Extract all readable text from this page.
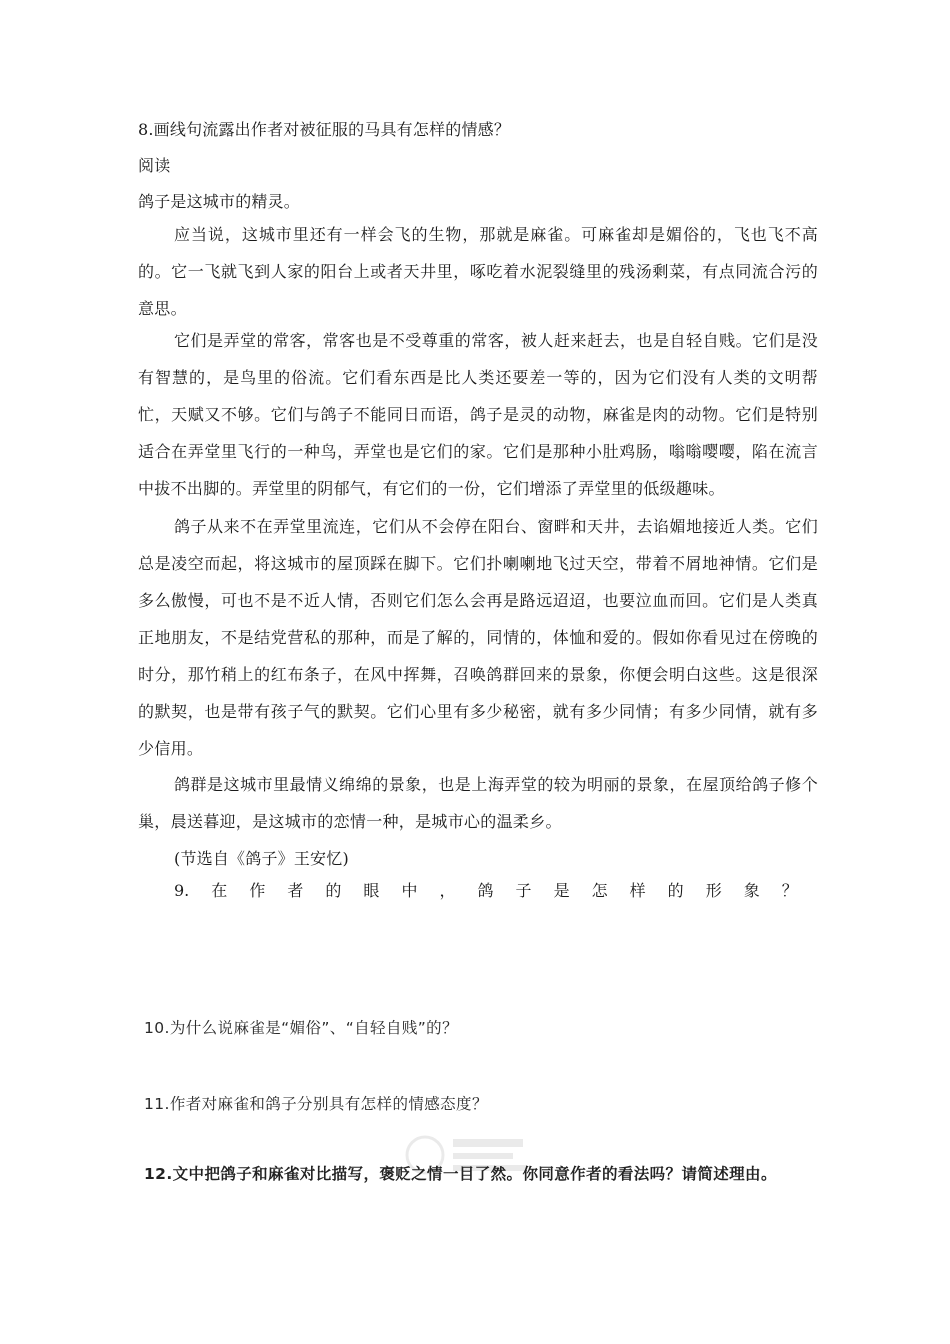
8.画线句流露出作者对被征服的马具有怎样的情感？
阅读
鸽子是这城市的精灵。

应当说，这城市里还有一样会飞的生物，那就是麻雀。可麻雀却是媚俗的，飞也飞不高的。它一飞就飞到人家的阳台上或者天井里，啄吃着水泥裂缝里的残汤剩菜，有点同流合污的意思。

它们是弄堂的常客，常客也是不受尊重的常客，被人赶来赶去，也是自轻自贱。它们是没有智慧的，是鸟里的俗流。它们看东西是比人类还要差一等的，因为它们没有人类的文明帮忙，天赋又不够。它们与鸽子不能同日而语，鸽子是灵的动物，麻雀是肉的动物。它们是特别适合在弄堂里飞行的一种鸟，弄堂也是它们的家。它们是那种小肚鸡肠，嗡嗡嘤嘤，陷在流言中拔不出脚的。弄堂里的阴郁气，有它们的一份，它们增添了弄堂里的低级趣味。

鸽子从来不在弄堂里流连，它们从不会停在阳台、窗畔和天井，去谄媚地接近人类。它们总是凌空而起，将这城市的屋顶踩在脚下。它们扑喇喇地飞过天空，带着不屑地神情。它们是多么傲慢，可也不是不近人情，否则它们怎么会再是路远迢迢，也要泣血而回。它们是人类真正地朋友，不是结党营私的那种，而是了解的，同情的，体恤和爱的。假如你看见过在傍晚的时分，那竹稍上的红布条子，在风中挥舞，召唤鸽群回来的景象，你便会明白这些。这是很深的默契，也是带有孩子气的默契。它们心里有多少秘密，就有多少同情；有多少同情，就有多少信用。

鸽群是这城市里最情义绵绵的景象，也是上海弄堂的较为明丽的景象，在屋顶给鸽子修个巢，晨送暮迎，是这城市的恋情一种，是城市心的温柔乡。

(节选自《鸽子》王安忆)
9. 在 作 者 的 眼 中 ， 鸽 子 是 怎 样 的 形 象 ？
10.为什么说麻雀是“媚俗”、“自轻自贱”的？
11.作者对麻雀和鸽子分别具有怎样的情感态度？
12.文中把鸽子和麻雀对比描写，褒贬之情一目了然。你同意作者的看法吗？请简述理由。
